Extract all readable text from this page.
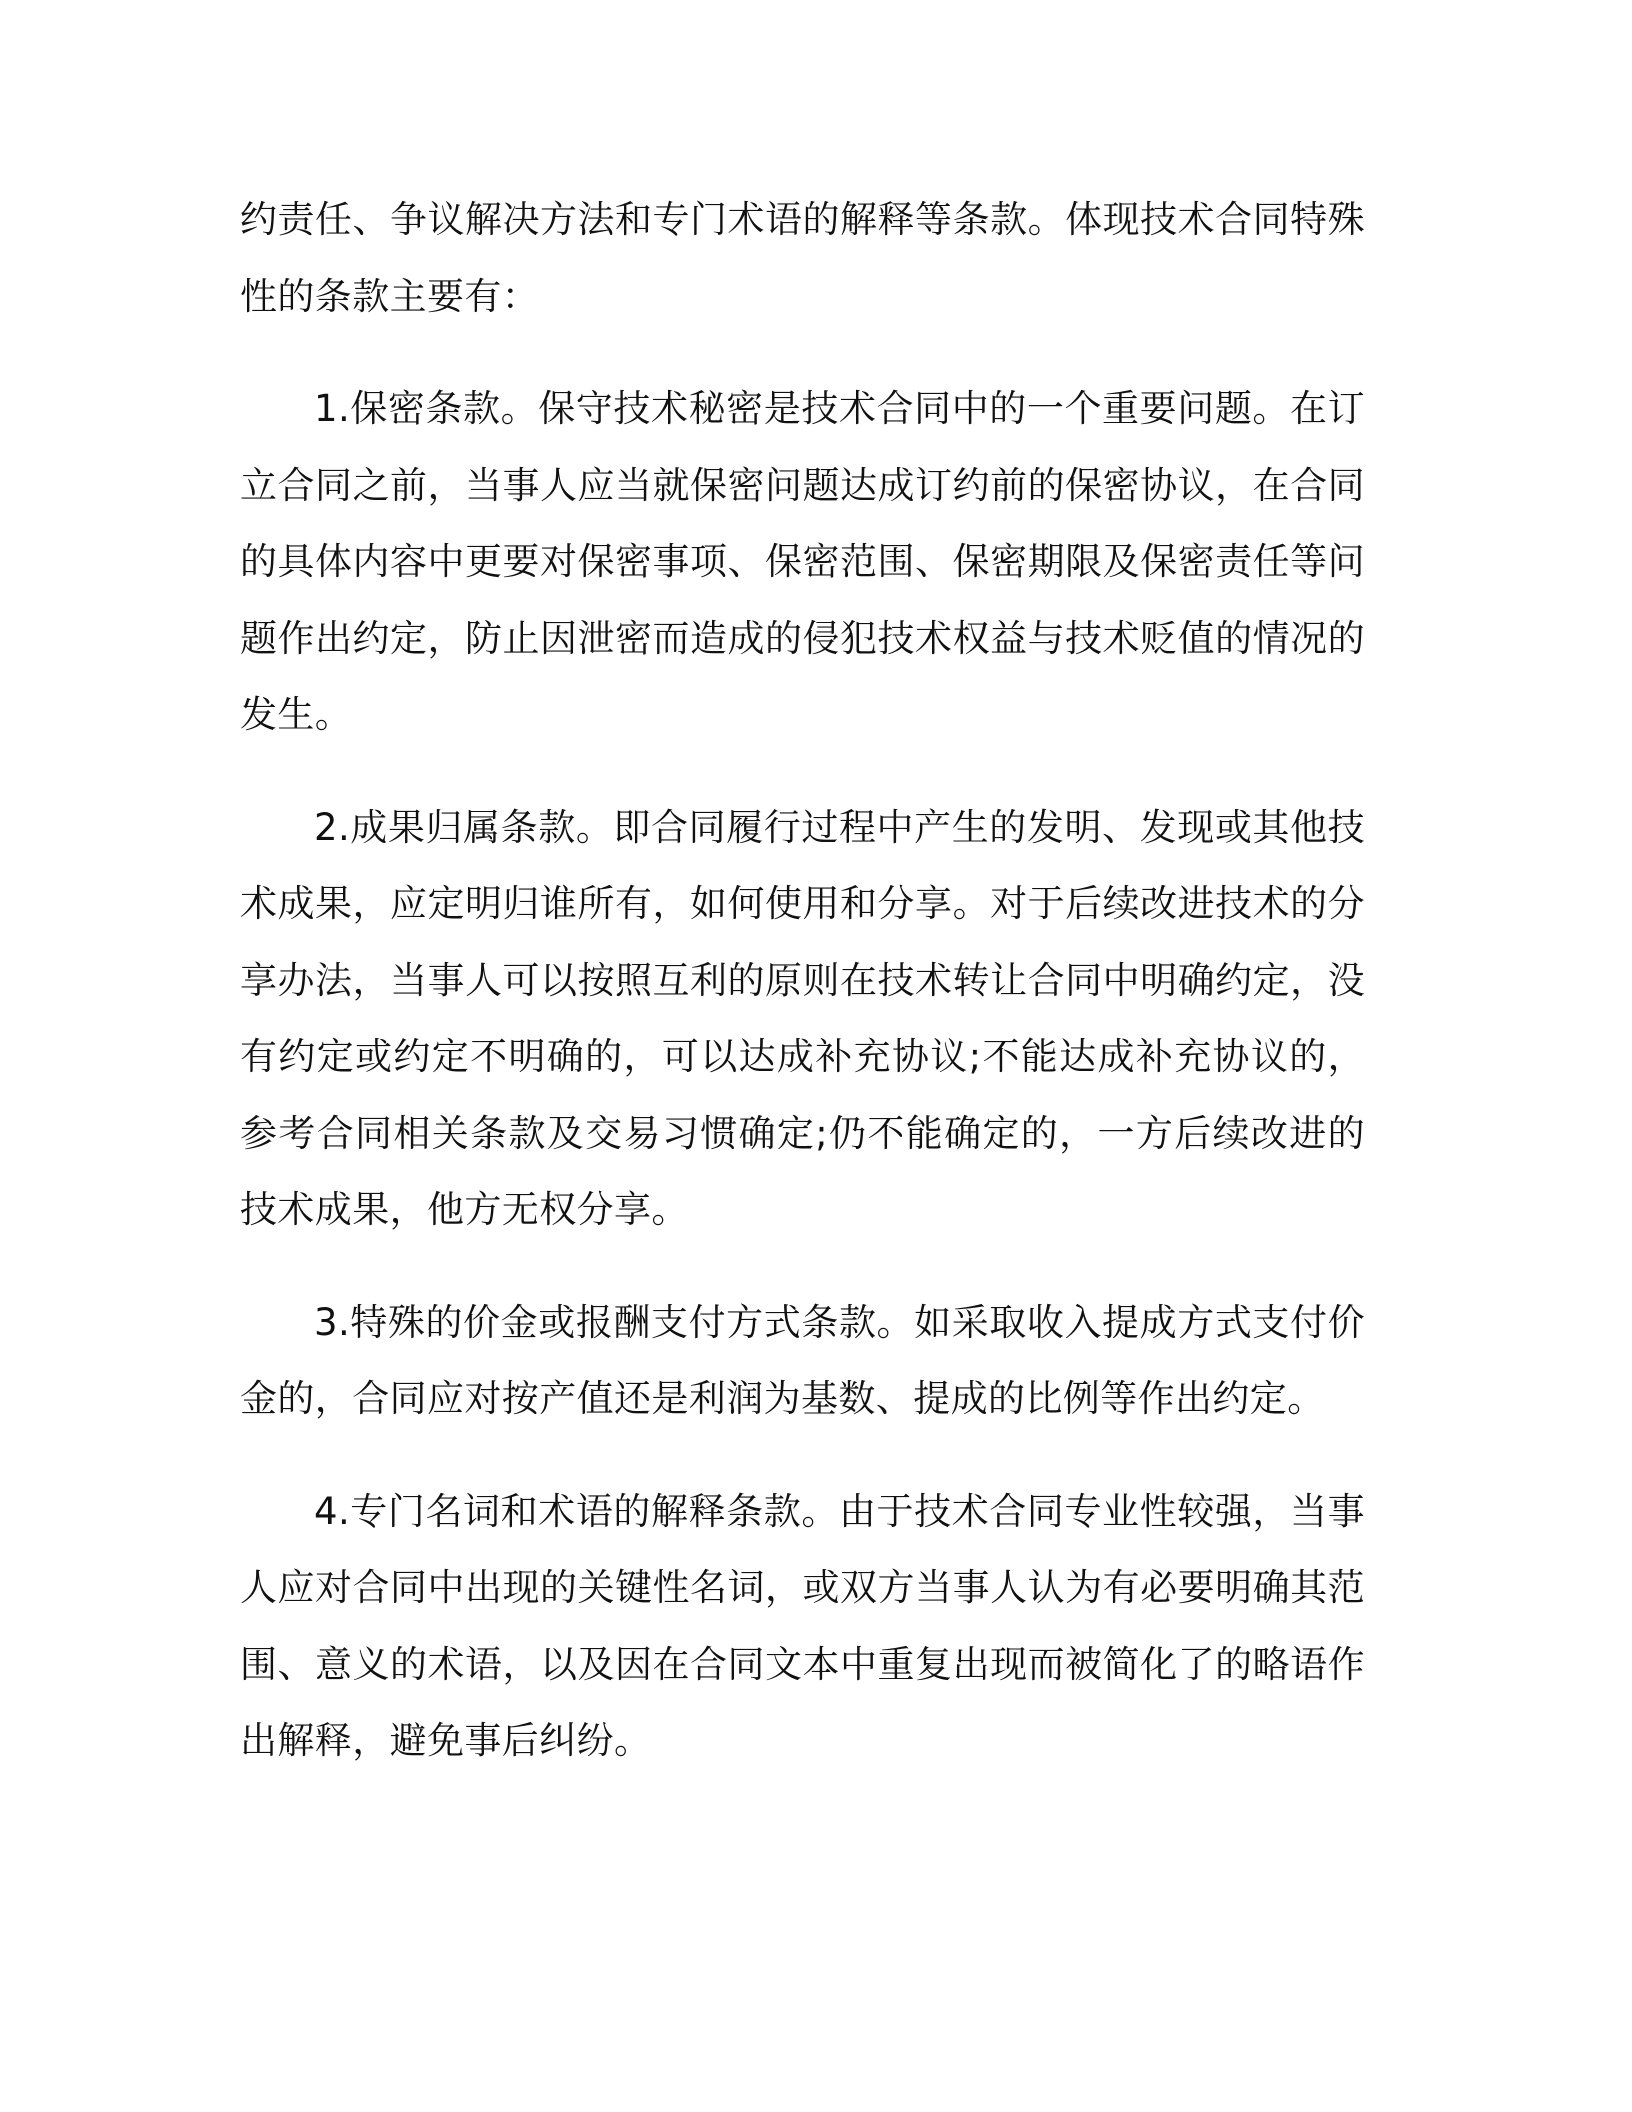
约责任、争议解决方法和专门术语的解释等条款。体现技术合同特殊性的条款主要有：

1.保密条款。保守技术秘密是技术合同中的一个重要问题。在订立合同之前，当事人应当就保密问题达成订约前的保密协议，在合同的具体内容中更要对保密事项、保密范围、保密期限及保密责任等问题作出约定，防止因泄密而造成的侵犯技术权益与技术贬值的情况的发生。

2.成果归属条款。即合同履行过程中产生的发明、发现或其他技术成果，应定明归谁所有，如何使用和分享。对于后续改进技术的分享办法，当事人可以按照互利的原则在技术转让合同中明确约定，没有约定或约定不明确的，可以达成补充协议;不能达成补充协议的，参考合同相关条款及交易习惯确定;仍不能确定的，一方后续改进的技术成果，他方无权分享。

3.特殊的价金或报酬支付方式条款。如采取收入提成方式支付价金的，合同应对按产值还是利润为基数、提成的比例等作出约定。

4.专门名词和术语的解释条款。由于技术合同专业性较强，当事人应对合同中出现的关键性名词，或双方当事人认为有必要明确其范围、意义的术语，以及因在合同文本中重复出现而被简化了的略语作出解释，避免事后纠纷。
